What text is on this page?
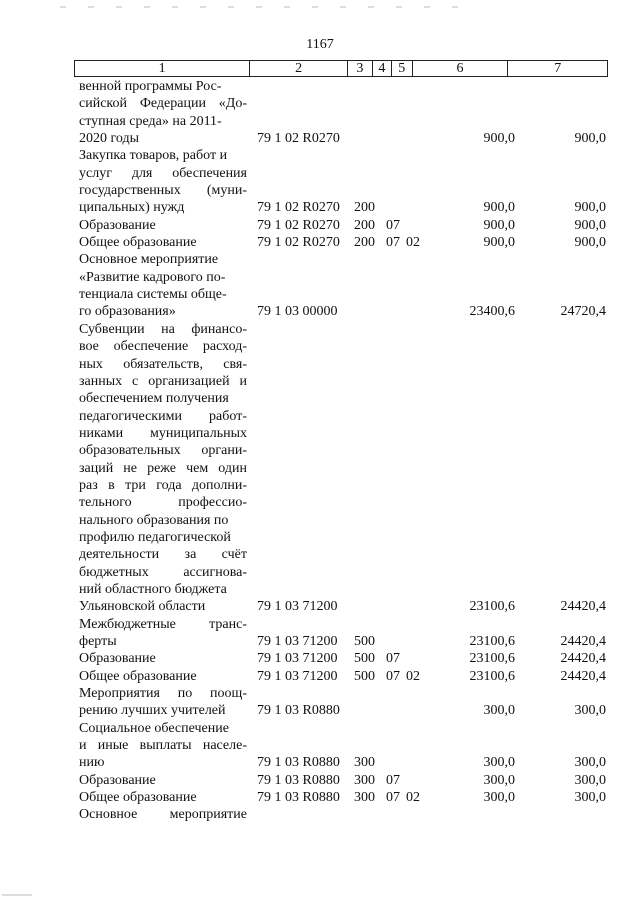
1167
1	2	3	4 5	6	7
венной программы Рос-
сийской Федерации «До-
ступная среда» на 2011-
2020 годы	79 1 02 R0270	900,0	900,0
Закупка товаров, работ и
услуг для обеспечения
государственных (муни-
ципальных) нужд	79 1 02 R0270 200	900,0	900,0
Образование	79 1 02 R0270 200 07	900,0	900,0
Общее образование	79 1 02 R0270 200 07 02	900,0	900,0
Основное мероприятие
«Развитие кадрового по-
тенциала системы обще-
го образования»	79 1 03 00000	23400,6	24720,4
Субвенции на финансо-
вое обеспечение расход-
ных обязательств, свя-
занных с организацией и
обеспечением получения
педагогическими работ-
никами муниципальных
образовательных органи-
заций не реже чем один
раз в три года дополни-
тельного профессио-
нального образования по
профилю педагогической
деятельности за счёт
бюджетных ассигнова-
ний областного бюджета
Ульяновской области	79 1 03 71200	23100,6	24420,4
Межбюджетные транс-
ферты	79 1 03 71200 500	23100,6	24420,4
Образование	79 1 03 71200 500 07	23100,6	24420,4
Общее образование	79 1 03 71200 500 07 02	23100,6	24420,4
Мероприятия по поощ-
рению лучших учителей	79 1 03 R0880	300,0	300,0
Социальное обеспечение
и иные выплаты населе-
нию	79 1 03 R0880 300	300,0	300,0
Образование	79 1 03 R0880 300 07	300,0	300,0
Общее образование	79 1 03 R0880 300 07 02	300,0	300,0
Основное мероприятие
